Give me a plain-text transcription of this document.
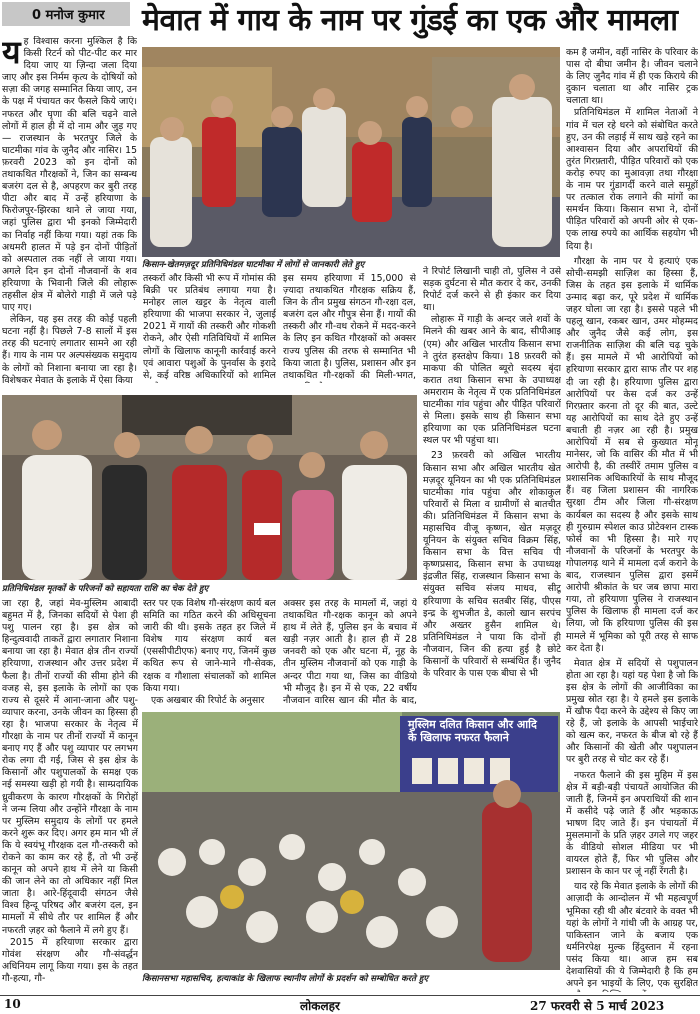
0 मनोज कुमार	मेवात में गाय के नाम पर गुंडई का एक और मामला
य ह विश्वास करना मुश्किल है कि किसी रिटर्न को पीट-पीट कर मार दिया जाए या ज़िन्दा जला दिया जाए और इस निर्मम कृत्य के दोषियों को सज़ा की जगह सम्मानित किया जाए, उन के पक्ष में पंचायत कर फैसले किये जाएं। नफरत और घृणा की बलि चढ़ने वाले लोगों में हाल ही में दो नाम और जुड़ गए— राजस्थान के भरतपुर जिले के घाटमीका गांव के जुनैद और नासिर। 15 फ़रवरी 2023 को इन दोनों को तथाकथित गौरक्षकों ने, जिन का सम्बन्ध बजरंग दल से है, अपहरण कर बुरी तरह पीटा और बाद में उन्हें हरियाणा के फिरोजपुर-झिरका थाने ले जाया गया, जहां पुलिस द्वारा भी इनको जिम्मेदारी का निर्वाह नहीं किया गया। यहां तक कि अधमरी हालत में पड़े इन दोनों पीड़ितों को अस्पताल तक नहीं ले जाया गया। अगले दिन इन दोनों नौजवानों के शव हरियाणा के भिवानी जिले की लोहारू तहसील क्षेत्र में बोलेरो गाड़ी में जले पड़े पाए गए।

लेकिन, यह इस तरह की कोई पहली घटना नहीं है। पिछले 7-8 सालों में इस तरह की घटनाएं लगातार सामने आ रही हैं। गाय के नाम पर अल्पसंख्यक समुदाय के लोगों को निशाना बनाया जा रहा है। विशेषकर मेवात के इलाके में ऐसा किया

किसान-खेतमज़दूर प्रतिनिधिमंडल घाटमीका में लोगों से जानकारी लेते हुए
तस्करों और किसी भी रूप में गोमांस की बिक्री पर प्रतिबंध लगाया गया है। मनोहर लाल खट्टर के नेतृत्व वाली हरियाणा की भाजपा सरकार ने, जुलाई 2021 में गायों की तस्करी और गोकशी रोकने, और ऐसी गतिविधियों में शामिल लोगों के खिलाफ कानूनी कार्रवाई करने एवं आवारा पशुओं के पुनर्वास के इरादे से, कई वरिष्ठ अधिकारियों को शामिल
इस समय हरियाणा में 15,000 से ज़्यादा तथाकथित गौरक्षक सक्रिय हैं, जिन के तीन प्रमुख संगठन गौ-रक्षा दल, बजरंग दल और गौपुत्र सेना हैं। गायों की तस्करी और गौ-वध रोकने में मदद-करने के लिए इन कथित गौरक्षकों को अक्सर राज्य पुलिस की तरफ से सम्मानित भी किया जाता है। पुलिस, प्रशासन और इन तथाकथित गौ-रक्षकों की मिली-भगत,
ने रिपोर्ट लिखानी चाही तो, पुलिस ने उसे सड़क दुर्घटना से मौत करार दे कर, उनकी रिपोर्ट दर्ज करने से ही इंकार कर दिया था।

लोहारू में गाड़ी के अन्दर जले शवों के मिलने की खबर आने के बाद, सीपीआइ (एम) और अखिल भारतीय किसान सभा ने तुरंत हस्तक्षेप किया। 18 फ़रवरी को माकपा की पोलित ब्यूरो सदस्य बृंदा करात तथा किसान सभा के उपाध्यक्ष अमराराम के नेतृत्व में एक प्रतिनिधिमंडल घाटमीका गांव पहुंचा और पीड़ित परिवारों से मिला। इसके साथ ही किसान सभा हरियाणा का एक प्रतिनिधिमंडल घटना स्थल पर भी पहुंचा था।

23 फ़रवरी को अखिल भारतीय किसान सभा और अखिल भारतीय खेत मज़दूर यूनियन का भी एक प्रतिनिधिमंडल घाटमीका गांव पहुंचा और शोकाकुल परिवारों से मिला व ग्रामीणों से बातचीत की। प्रतिनिधिमंडल में किसान सभा के महासचिव वीजू कृष्णन, खेत मज़दूर यूनियन के संयुक्त सचिव विक्रम सिंह, किसान सभा के वित्त सचिव पी कृष्णप्रसाद, किसान सभा के उपाध्यक्ष इंद्रजीत सिंह, राजस्थान किसान सभा के संयुक्त सचिव संजय माधव, सीटू हरियाणा के सचिव सतबीर सिंह, पीएस इन्द्र के शुभजीत डे, कालो खान सरपंच और अख्तर हुसैन शामिल थे। प्रतिनिधिमंडल ने पाया कि दोनों ही नौजवान, जिन की हत्या हुई है छोटे किसानों के परिवारों से सम्बंधित हैं। जुनैद के परिवार के पास एक बीघा से भी

प्रतिनिधिमंडल मृतकों के परिजनों को सहायता राशि का चेक देते हुए
जा रहा है, जहां मेव-मुस्लिम आबादी बहुमत में है, जिनका सदियों से पेशा ही पशु पालन रहा है। इस क्षेत्र को हिन्दुत्ववादी ताकतें द्वारा लगातार निशाना बनाया जा रहा है। मेवात क्षेत्र तीन राज्यों हरियाणा, राजस्थान और उत्तर प्रदेश में फैला है। तीनों राज्यों की सीमा होने की वजह से, इस इलाके के लोगों का एक राज्य से दूसरे में आना-जाना और पशु-व्यापार करना, उनके जीवन का हिस्सा ही रहा है। भाजपा सरकार के नेतृत्व में गौरक्षा के नाम पर तीनों राज्यों में कानून बनाए गए हैं और पशु व्यापार पर लगभग रोक लगा दी गई, जिस से इस क्षेत्र के किसानों और पशुपालकों के समक्ष एक नई समस्या खड़ी हो गयी है। साम्प्रदायिक ध्रुवीकरण के कारण गौरक्षकों के गिरोहों ने जन्म लिया और उन्होंने गौरक्षा के नाम पर मुस्लिम समुदाय के लोगों पर हमले करने शुरू कर दिए। अगर हम मान भी लें कि ये स्वयंभू गौरक्षक दल गौ-तस्करी को रोकने का काम कर रहे हैं, तो भी उन्हें कानून को अपने हाथ में लेने या किसी की जान लेने का तो अधिकार नहीं मिल जाता है। आरे-हिंदूवादी संगठन जैसे विश्व हिन्दू परिषद और बजरंग दल, इन मामलों में सीधे तौर पर शामिल हैं और नफरती ज़हर को फैलाने में लगे हुए हैं।

2015 में हरियाणा सरकार द्वारा गोवंश संरक्षण और गौ-संवर्द्धन अधिनियम लागू किया गया। इस के तहत गौ-हत्या, गौ-

स्तर पर एक विशेष गौ-संरक्षण कार्य बल समिति का गठित करने की अधिसूचना जारी की थी। इसके तहत हर जिले में विशेष गाय संरक्षण कार्य बल (एससीपीटीएफ) बनाए गए, जिनमें कुछ कथित रूप से जाने-माने गौ-सेवक, रक्षक व गौशाला संचालकों को शामिल किया गया।

एक अखबार की रिपोर्ट के अनुसार

अक्सर इस तरह के मामलों में, जहां ये तथाकथित गौ-रक्षक कानून को अपने हाथ में लेते हैं, पुलिस इन के बचाव में खड़ी नज़र आती है। हाल ही में 28 जनवरी को एक और घटना में, नूह के तीन मुस्लिम नौजवानों को एक गाड़ी के अन्दर पीटा गया था, जिस का वीडियो भी मौजूद है। इन में से एक, 22 वर्षीय नौजवान वारिस खान की मौत के बाद,
मुस्लिम दलित किसान और आदि
के खिलाफ नफरत फैलाने
किसानसभा महासचिव, हत्याकांड के खिलाफ स्थानीय लोगों के प्रदर्शन को सम्बोधित करते हुए
कम है जमीन, वहीं नासिर के परिवार के पास दो बीघा जमीन है। जीवन चलाने के लिए जुनैद गांव में ही एक किराये की दुकान चलाता था और नासिर ट्रक चलाता था।

प्रतिनिधिमंडल में शामिल नेताओं ने गांव में चल रहे धरने को संबोधित करते हुए, उन की लड़ाई में साथ खड़े रहने का आश्वासन दिया और अपराधियों की तुरंत गिरफ़्तारी, पीड़ित परिवारों को एक करोड़ रुपए का मुआवज़ा तथा गौरक्षा के नाम पर गुंडागर्दी करने वाले समूहों पर तत्काल रोक लगाने की मांगों का समर्थन किया। किसान सभा ने, दोनों पीड़ित परिवारों को अपनी ओर से एक-एक लाख रुपये का आर्थिक सहयोग भी दिया है।

गौरक्षा के नाम पर ये हत्याएं एक सोची-समझी साज़िश का हिस्सा हैं, जिस के तहत इस इलाके में धार्मिक उन्माद बढ़ा कर, पूरे प्रदेश में धार्मिक जहर घोला जा रहा है। इससे पहले भी पहलू खान, रकबर खान, उमर मोहम्मद और जुनैद जैसे कई लोग, इस राजनीतिक साज़िश की बलि चढ़ चुके हैं। इस मामले में भी आरोपियों को हरियाणा सरकार द्वारा साफ तौर पर शह दी जा रही है। हरियाणा पुलिस द्वारा आरोपियों पर केस दर्ज कर उन्हें गिरफ़्तार करना तो दूर की बात, उल्टे यह आरोपियों का साथ देते हुए उन्हें बचाती ही नज़र आ रही है। प्रमुख आरोपियों में सब से कुख्यात मोनू मानेसर, जो कि वासिर की मौत में भी आरोपी है, की तस्वीरें तमाम पुलिस व प्रशासनिक अधिकारियों के साथ मौजूद हैं। वह जिला प्रशासन की नागरिक सुरक्षा टीम और जिला गौ-संरक्षण कार्यबल का सदस्य है और इसके साथ ही गुरुग्राम स्पेशल काउ प्रोटेक्शन टास्क फोर्स का भी हिस्सा है। मारे गए नौजवानों के परिजनों के भरतपुर के गोपालगढ़ थाने में मामला दर्ज कराने के बाद, राजस्थान पुलिस द्वारा इसमें आरोपी श्रीकांत के घर जब छापा मारा गया, तो हरियाणा पुलिस ने राजस्थान पुलिस के खिलाफ ही मामला दर्ज कर लिया, जो कि हरियाणा पुलिस की इस मामले में भूमिका को पूरी तरह से साफ कर देता है।

मेवात क्षेत्र में सदियों से पशुपालन होता आ रहा है। यहां यह पेशा है जो कि इस क्षेत्र के लोगों की आजीविका का प्रमुख स्रोत रहा है। ये हमले इस इलाके में खौफ पैदा करने के उद्देश्य से किए जा रहे हैं, जो इलाके के आपसी भाईचारे को खत्म कर, नफरत के बीज बो रहे हैं और किसानों की खेती और पशुपालन पर बुरी तरह से चोट कर रहे हैं।

नफरत फैलाने की इस मुहिम में इस क्षेत्र में बड़ी-बड़ी पंचायतें आयोजित की जाती हैं, जिनमें इन अपराधियों की शान में कसीदे पढ़े जाते हैं और भड़काऊ भाषण दिए जाते हैं। इन पंचायतों में मुसलमानों के प्रति ज़हर उगले गए जहर के वीडियो सोशल मीडिया पर भी वायरल होते हैं, फिर भी पुलिस और प्रशासन के कान पर जूं नहीं रेंगती है।

याद रहे कि मेवात इलाके के लोगों की आज़ादी के आन्दोलन में भी महत्वपूर्ण भूमिका रही थी और बंटवारे के वक्त भी यहां के लोगों ने गांधी जी के आग्रह पर, पाकिस्तान जाने के बजाय एक धर्मनिरपेक्ष मुल्क हिंदुस्तान में रहना पसंद किया था। आज हम सब देशवासियों की ये जिम्मेदारी है कि हम अपने इन भाइयों के लिए, एक सुरक्षित

10	लोकलहर	27 फरवरी से 5 मार्च 2023
